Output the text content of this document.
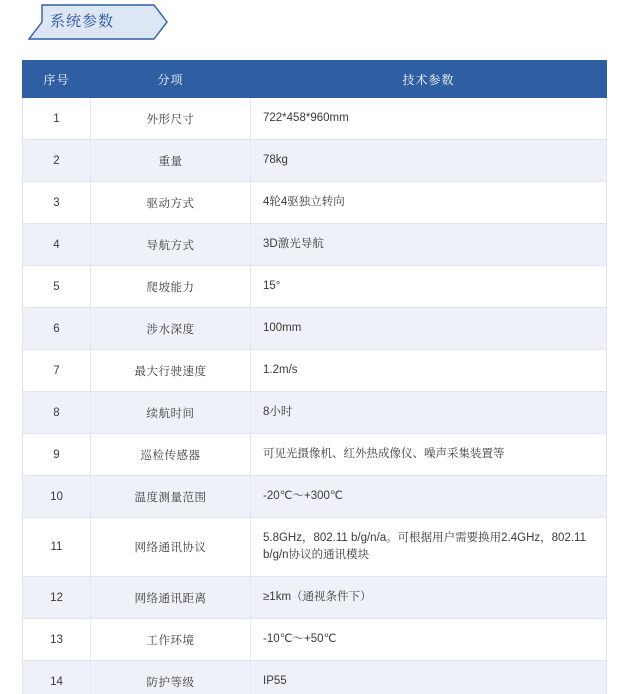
系统参数
序号	分项	技术参数
1	外形尺寸	722*458*960mm
2	重量	78kg
3	驱动方式	4轮4驱独立转向
4	导航方式	3D激光导航
5	爬坡能力	15°
6	涉水深度	100mm
7	最大行驶速度	1.2m/s
8	续航时间	8小时
9	巡检传感器	可见光摄像机、红外热成像仪、噪声采集装置等
10	温度测量范围	-20℃～+300℃
11	网络通讯协议	5.8GHz，802.11 b/g/n/a。可根据用户需要换用2.4GHz，802.11 b/g/n协议的通讯模块
12	网络通讯距离	≥1km（通视条件下）
13	工作环境	-10℃～+50℃
14	防护等级	IP55
